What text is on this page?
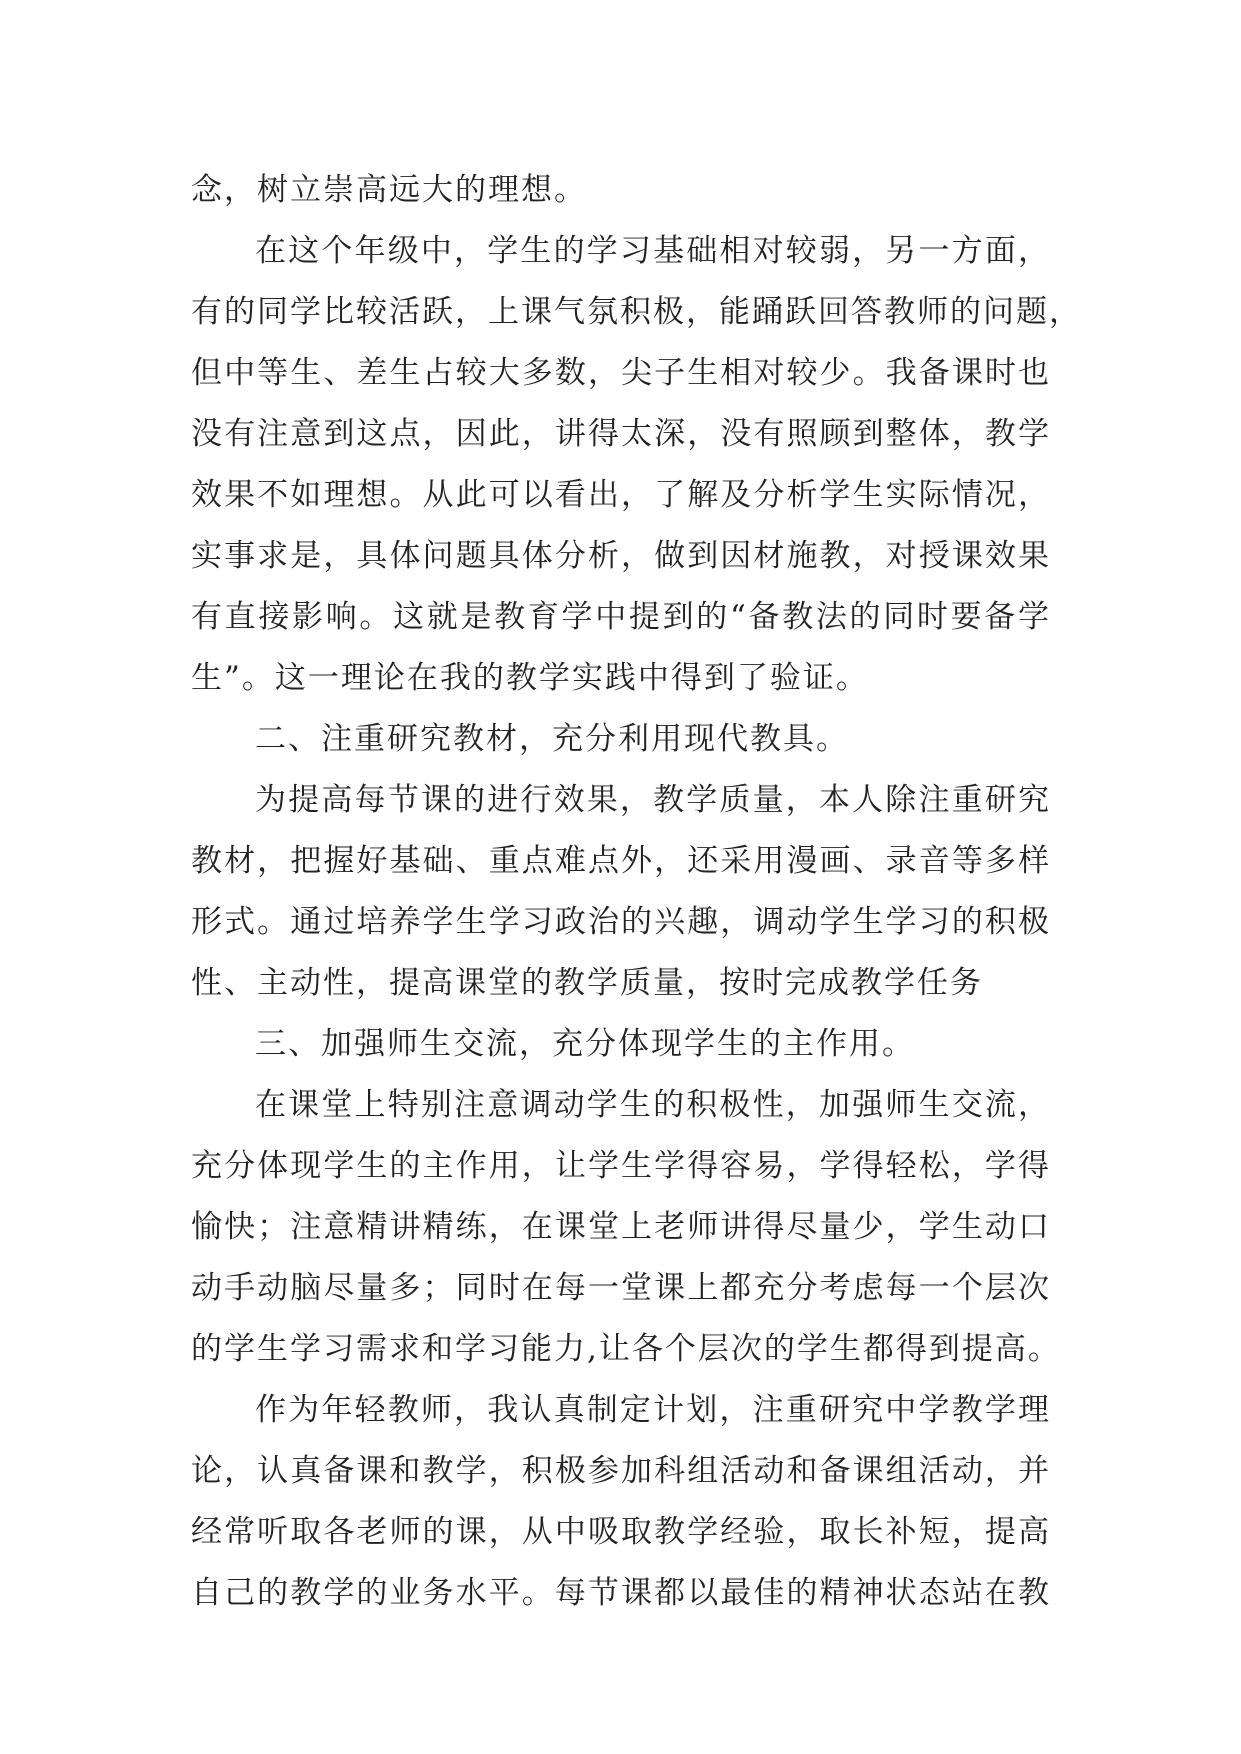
念，树立崇高远大的理想。
在这个年级中，学生的学习基础相对较弱，另一方面，
有的同学比较活跃，上课气氛积极，能踊跃回答教师的问题，
但中等生、差生占较大多数，尖子生相对较少。我备课时也
没有注意到这点，因此，讲得太深，没有照顾到整体，教学
效果不如理想。从此可以看出，了解及分析学生实际情况，
实事求是，具体问题具体分析，做到因材施教，对授课效果
有直接影响。这就是教育学中提到的“备教法的同时要备学
生”。这一理论在我的教学实践中得到了验证。
二、注重研究教材，充分利用现代教具。
为提高每节课的进行效果，教学质量，本人除注重研究
教材，把握好基础、重点难点外，还采用漫画、录音等多样
形式。通过培养学生学习政治的兴趣，调动学生学习的积极
性、主动性，提高课堂的教学质量，按时完成教学任务
三、加强师生交流，充分体现学生的主作用。
在课堂上特别注意调动学生的积极性，加强师生交流，
充分体现学生的主作用，让学生学得容易，学得轻松，学得
愉快；注意精讲精练，在课堂上老师讲得尽量少，学生动口
动手动脑尽量多；同时在每一堂课上都充分考虑每一个层次
的学生学习需求和学习能力,让各个层次的学生都得到提高。
作为年轻教师，我认真制定计划，注重研究中学教学理
论，认真备课和教学，积极参加科组活动和备课组活动，并
经常听取各老师的课，从中吸取教学经验，取长补短，提高
自己的教学的业务水平。每节课都以最佳的精神状态站在教
